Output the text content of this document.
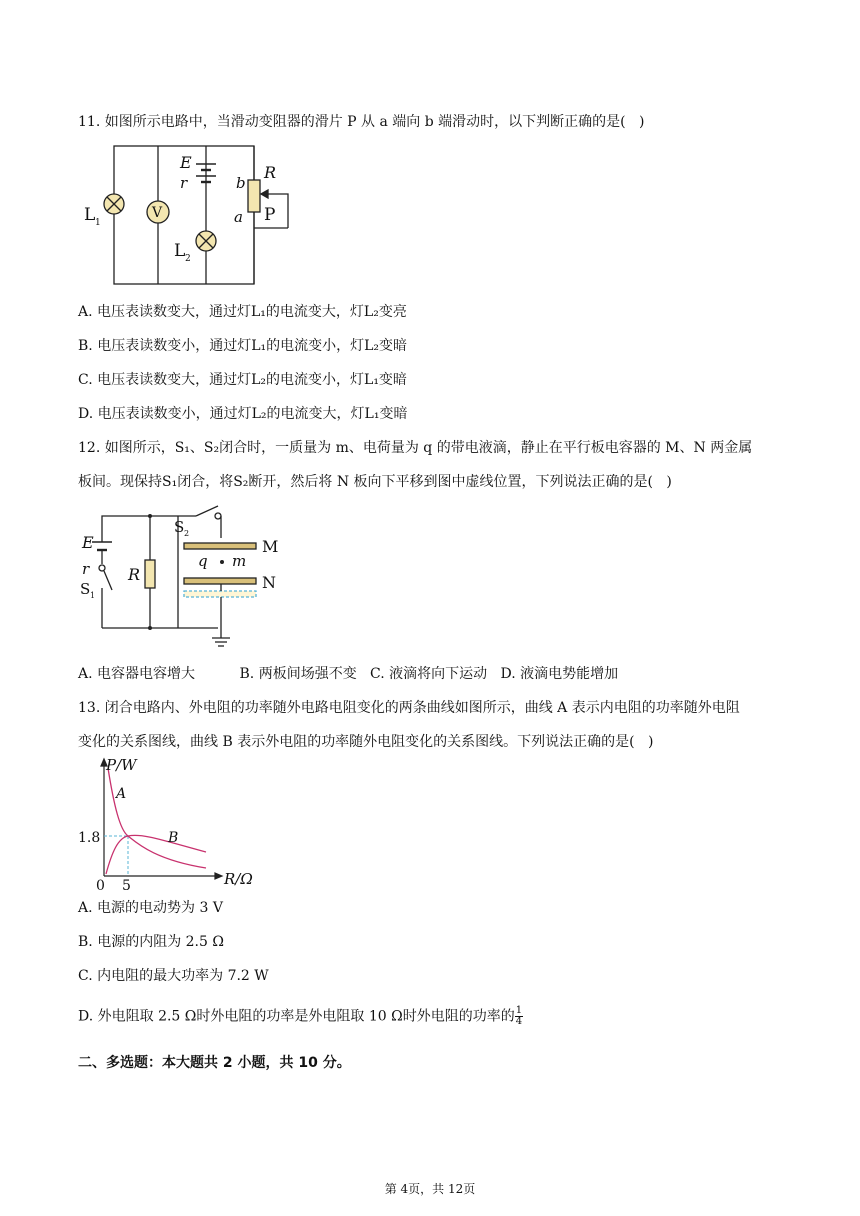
11. 如图所示电路中，当滑动变阻器的滑片 P 从 a 端向 b 端滑动时，以下判断正确的是(   )
E
r	b
R
a P
L 1
V
L 2
A. 电压表读数变大，通过灯L₁的电流变大，灯L₂变亮
B. 电压表读数变小，通过灯L₁的电流变小，灯L₂变暗
C. 电压表读数变大，通过灯L₂的电流变小，灯L₁变暗
D. 电压表读数变小，通过灯L₂的电流变大，灯L₁变暗
12. 如图所示，S₁、S₂闭合时，一质量为 m、电荷量为 q 的带电液滴，静止在平行板电容器的 M、N 两金属
板间。现保持S₁闭合，将S₂断开，然后将 N 板向下平移到图中虚线位置，下列说法正确的是(   )
E
r
S 1
R
S 2
q m
M
N
A. 电容器电容增大          B. 两板间场强不变   C. 液滴将向下运动   D. 液滴电势能增加
13. 闭合电路内、外电阻的功率随外电路电阻变化的两条曲线如图所示，曲线 A 表示内电阻的功率随外电阻
变化的关系图线，曲线 B 表示外电阻的功率随外电阻变化的关系图线。下列说法正确的是(   )
P/W
R/Ω
A
B
1.8
0 5
A. 电源的电动势为 3 V
B. 电源的内阻为 2.5 Ω
C. 内电阻的最大功率为 7.2 W
D. 外电阻取 2.5 Ω时外电阻的功率是外电阻取 10 Ω时外电阻的功率的 $\frac{1}{4}$
二、多选题：本大题共 2 小题，共 10 分。
第 4页，共 12页
